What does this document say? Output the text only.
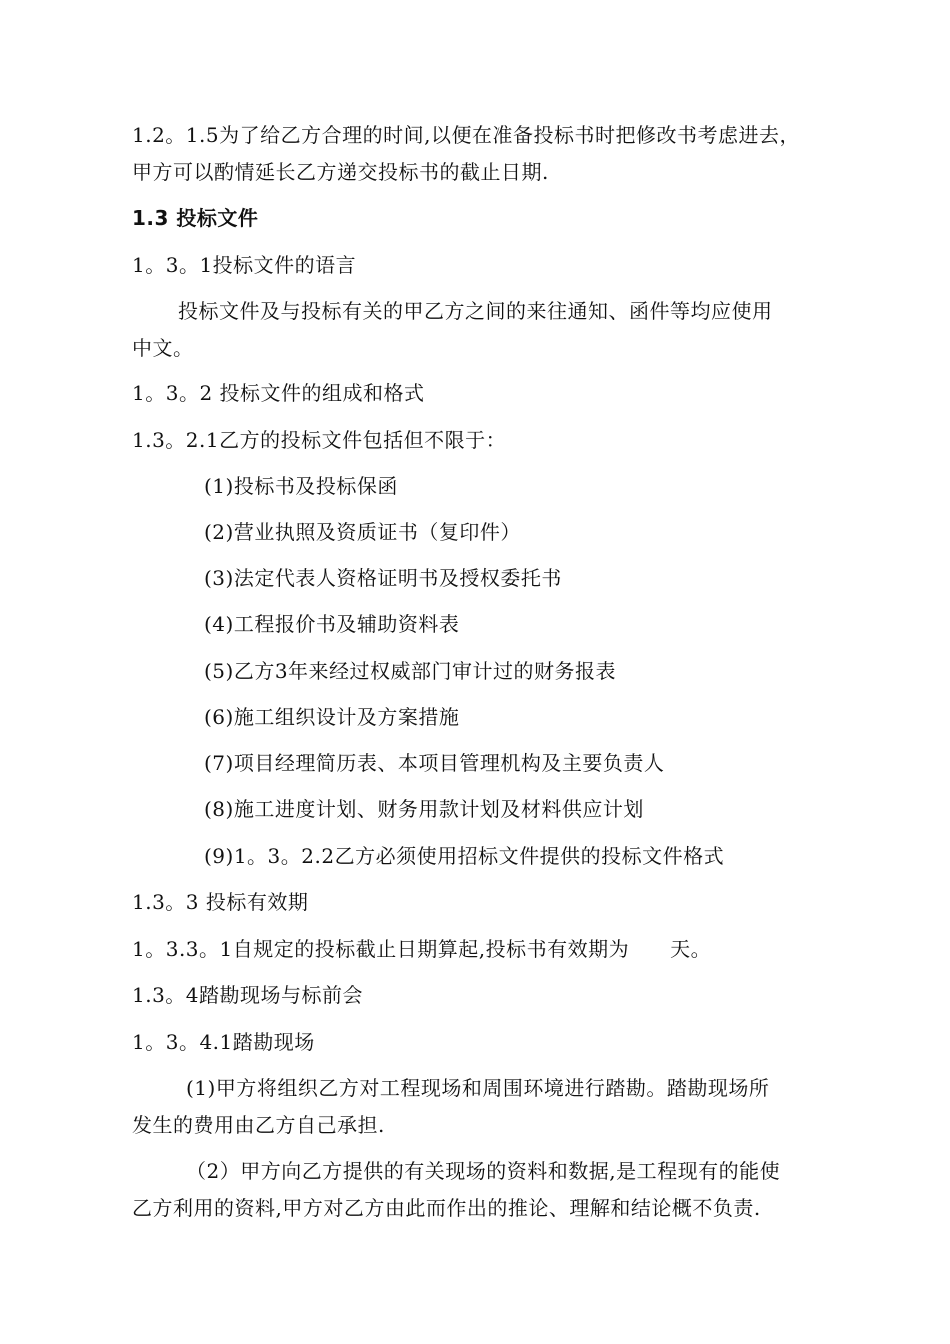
1.2。1.5为了给乙方合理的时间,以便在准备投标书时把修改书考虑进去，
甲方可以酌情延长乙方递交投标书的截止日期.
1.3 投标文件
1。3。1投标文件的语言
投标文件及与投标有关的甲乙方之间的来往通知、函件等均应使用
中文。
1。3。2 投标文件的组成和格式
1.3。2.1乙方的投标文件包括但不限于：
(1)投标书及投标保函
(2)营业执照及资质证书（复印件）
(3)法定代表人资格证明书及授权委托书
(4)工程报价书及辅助资料表
(5)乙方3年来经过权威部门审计过的财务报表
(6)施工组织设计及方案措施
(7)项目经理简历表、本项目管理机构及主要负责人
(8)施工进度计划、财务用款计划及材料供应计划
(9)1。3。2.2乙方必须使用招标文件提供的投标文件格式
1.3。3 投标有效期
1。3.3。1自规定的投标截止日期算起,投标书有效期为　　天。
1.3。4踏勘现场与标前会
1。3。4.1踏勘现场
(1)甲方将组织乙方对工程现场和周围环境进行踏勘。踏勘现场所
发生的费用由乙方自己承担.
（2）甲方向乙方提供的有关现场的资料和数据,是工程现有的能使
乙方利用的资料,甲方对乙方由此而作出的推论、理解和结论概不负责.
